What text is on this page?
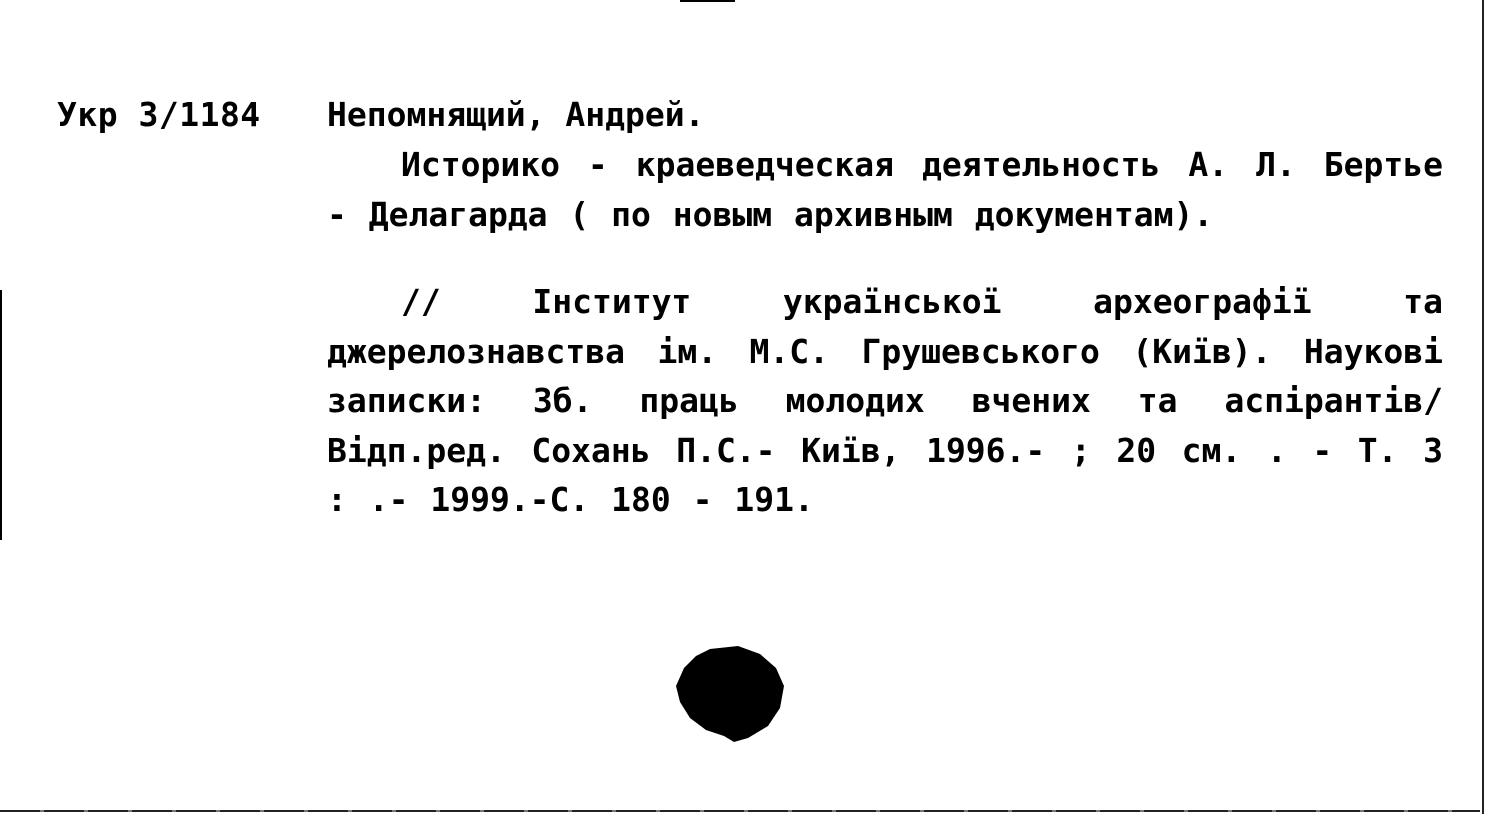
Укр 3/1184 Непомнящий, Андрей.
Историко - краеведческая деятельность А. Л. Бертье - Делагарда ( по новым архивным документам).
// Інститут української археографії та джерелознавства ім. М.С. Грушевського (Київ). Наукові записки: Зб. праць молодих вчених та аспірантів/ Відп.ред. Сохань П.С.- Київ, 1996.- ; 20 см. . - Т. 3 : .- 1999.-С. 180 - 191.
